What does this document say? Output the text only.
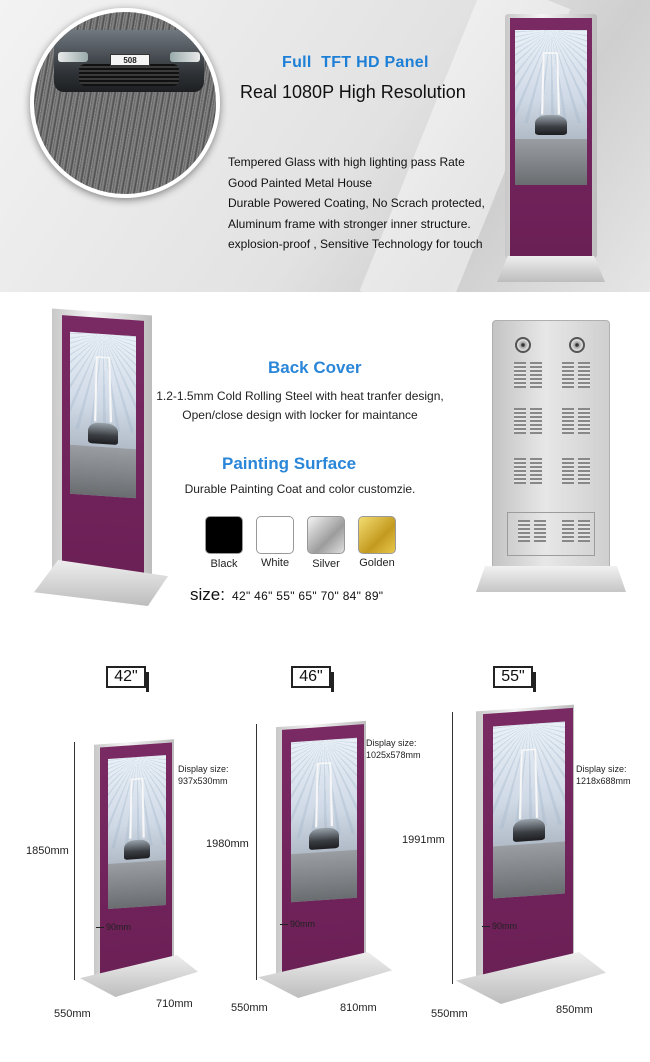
508	Full  TFT HD Panel
Real 1080P High Resolution
Tempered Glass with high lighting pass Rate
Good Painted Metal House
Durable Powered Coating, No Scrach protected,
Aluminum frame with stronger inner structure.
explosion-proof , Sensitive Technology for touch
Back Cover
1.2-1.5mm Cold Rolling Steel with heat tranfer design,
Open/close design with locker for maintance
Painting Surface
Durable Painting Coat and color customzie.
Black	White	Silver	Golden
size: 42" 46" 55" 65" 70" 84" 89"
42"
1850mm
Display size:
937x530mm
90mm
550mm
710mm
46"
1980mm
Display size:
1025x578mm
90mm
550mm	810mm
55"
1991mm
Display size:
1218x688mm
90mm
550mm	850mm
